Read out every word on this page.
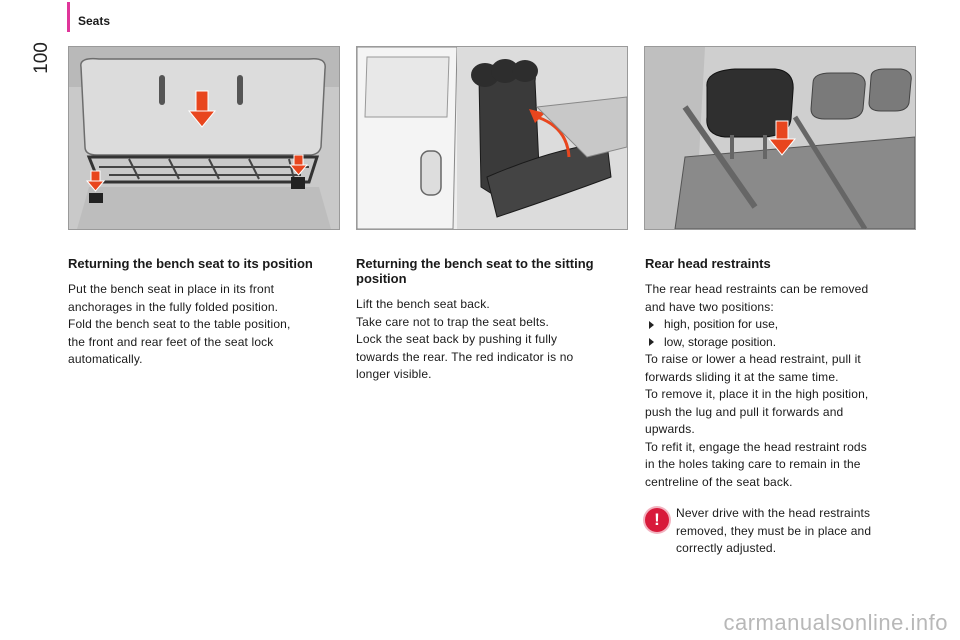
100
Seats
Returning the bench seat to its position

Put the bench seat in place in its front

anchorages in the fully folded position.

Fold the bench seat to the table position,

the front and rear feet of the seat lock

automatically.

Returning the bench seat to the sitting position

Lift the bench seat back.

Take care not to trap the seat belts.

Lock the seat back by pushing it fully

towards the rear. The red indicator is no

longer visible.

Rear head restraints

The rear head restraints can be removed

and have two positions:

high, position for use,
low, storage position.

To raise or lower a head restraint, pull it

forwards sliding it at the same time.

To remove it, place it in the high position,

push the lug and pull it forwards and

upwards.

To refit it, engage the head restraint rods

in the holes taking care to remain in the

centreline of the seat back.

!	Never drive with the head restraints
removed, they must be in place and
correctly adjusted.
carmanualsonline.info
